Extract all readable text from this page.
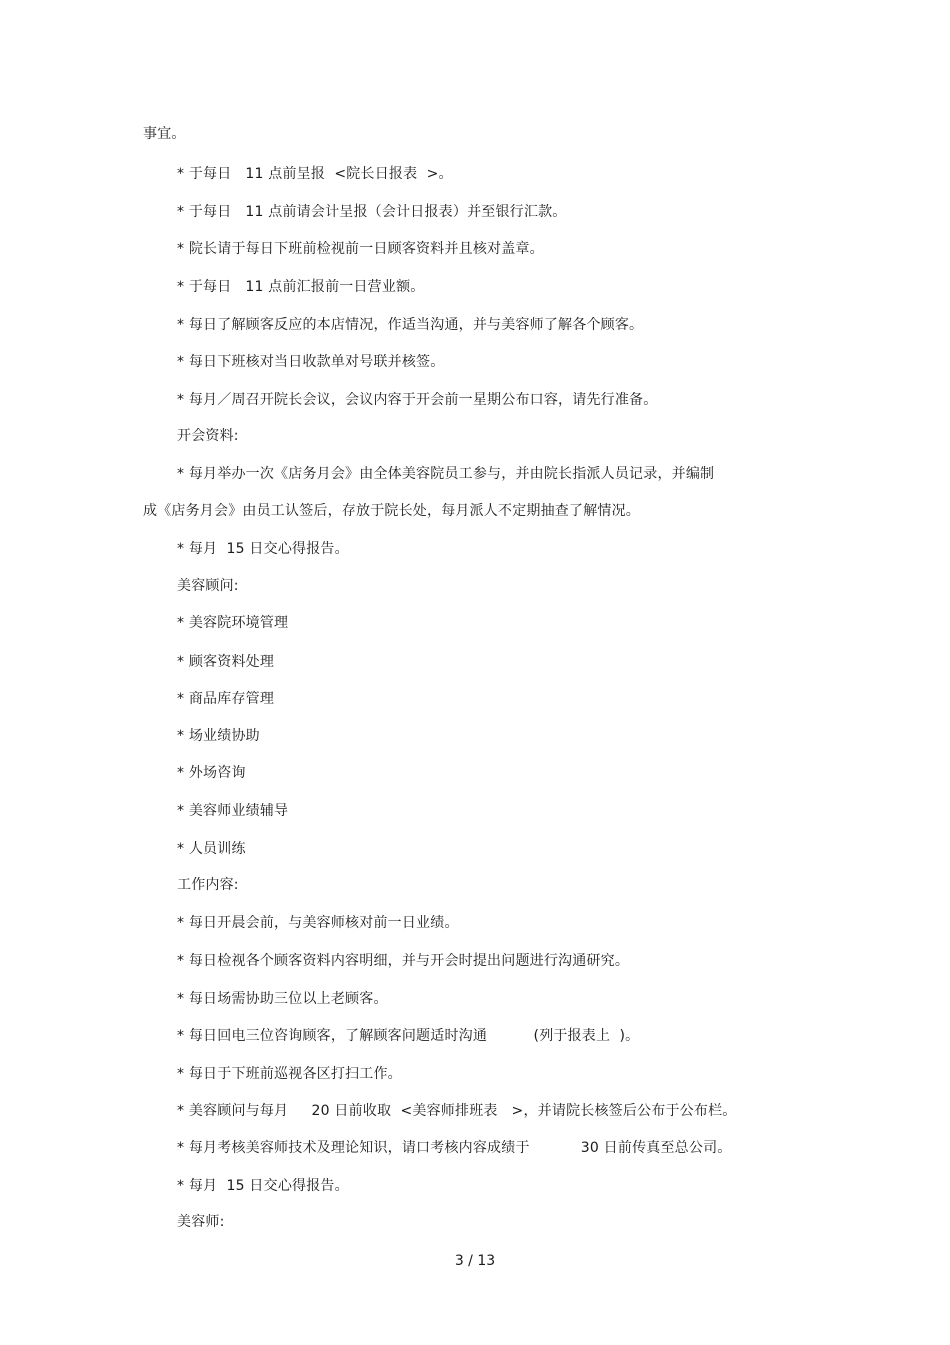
事宜。
* 于每日   11 点前呈报  <院长日报表  >。
* 于每日   11 点前请会计呈报（会计日报表）并至银行汇款。
* 院长请于每日下班前检视前一日顾客资料并且核对盖章。
* 于每日   11 点前汇报前一日营业额。
* 每日了解顾客反应的本店情况，作适当沟通，并与美容师了解各个顾客。
* 每日下班核对当日收款单对号联并核签。
* 每月／周召开院长会议，会议内容于开会前一星期公布口容，请先行准备。
开会资料:
* 每月举办一次《店务月会》由全体美容院员工参与，并由院长指派人员记录，并编制
成《店务月会》由员工认签后，存放于院长处，每月派人不定期抽查了解情况。
* 每月  15 日交心得报告。
美容顾问:
* 美容院环境管理
* 顾客资料处理
* 商品库存管理
* 场业绩协助
* 外场咨询
* 美容师业绩辅导
* 人员训练
工作内容:
* 每日开晨会前，与美容师核对前一日业绩。
* 每日检视各个顾客资料内容明细，并与开会时提出问题进行沟通研究。
* 每日场需协助三位以上老顾客。
* 每日回电三位咨询顾客，了解顾客问题适时沟通          (列于报表上  )。
* 每日于下班前巡视各区打扫工作。
* 美容顾问与每月     20 日前收取  <美容师排班表   >，并请院长核签后公布于公布栏。
* 每月考核美容师技术及理论知识，请口考核内容成绩于           30 日前传真至总公司。
* 每月  15 日交心得报告。
美容师:
3 / 13
